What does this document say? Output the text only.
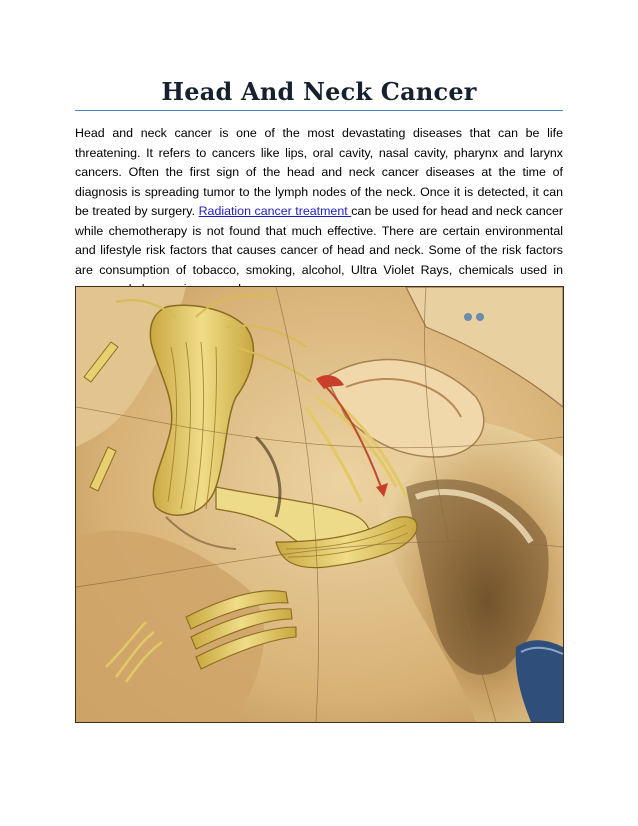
Head And Neck Cancer

Head and neck cancer is one of the most devastating diseases that can be life threatening. It refers to cancers like lips, oral cavity, nasal cavity, pharynx and larynx cancers. Often the first sign of the head and neck cancer diseases at the time of diagnosis is spreading tumor to the lymph nodes of the neck. Once it is detected, it can be treated by surgery. Radiation cancer treatment can be used for head and neck cancer while chemotherapy is not found that much effective. There are certain environmental and lifestyle risk factors that causes cancer of head and neck. Some of the risk factors are consumption of tobacco, smoking, alcohol, Ultra Violet Rays, chemicals used in
